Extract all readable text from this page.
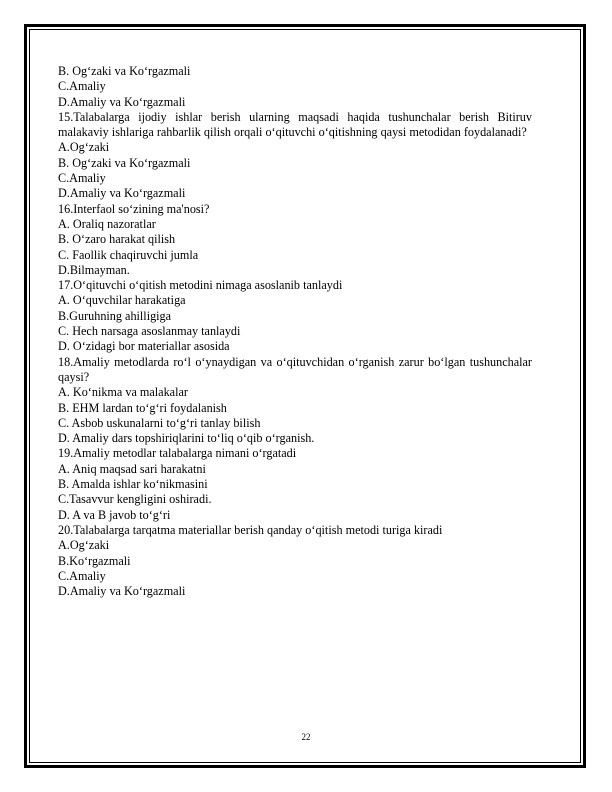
B. Ogʻzaki va Koʻrgazmali
C.Amaliy
D.Amaliy va Koʻrgazmali
15.Talabalarga ijodiy ishlar berish ularning maqsadi haqida tushunchalar berish Bitiruv malakaviy ishlariga rahbarlik qilish orqali oʻqituvchi oʻqitishning qaysi metodidan foydalanadi?
A.Ogʻzaki
B. Ogʻzaki va Koʻrgazmali
C.Amaliy
D.Amaliy va Koʻrgazmali
16.Interfaol soʻzining ma'nosi?
A. Oraliq nazoratlar
B. Oʻzaro harakat qilish
C. Faollik chaqiruvchi jumla
D.Bilmayman.
17.Oʻqituvchi oʻqitish metodini nimaga asoslanib tanlaydi
A. Oʻquvchilar harakatiga
B.Guruhning ahilligiga
C. Hech narsaga asoslanmay tanlaydi
D. Oʻzidagi bor materiallar asosida
18.Amaliy metodlarda roʻl oʻynaydigan va oʻqituvchidan oʻrganish zarur boʻlgan tushunchalar qaysi?
A. Koʻnikma va malakalar
B. EHM lardan toʻgʻri foydalanish
C. Asbob uskunalarni toʻgʻri tanlay bilish
D. Amaliy dars topshiriqlarini toʻliq oʻqib oʻrganish.
19.Amaliy metodlar talabalarga nimani oʻrgatadi
A. Aniq maqsad sari harakatni
B. Amalda ishlar koʻnikmasini
C.Tasavvur kengligini oshiradi.
D. A va B javob toʻgʻri
20.Talabalarga tarqatma materiallar berish qanday oʻqitish metodi turiga kiradi
A.Ogʻzaki
B.Koʻrgazmali
C.Amaliy
D.Amaliy va Koʻrgazmali
22
